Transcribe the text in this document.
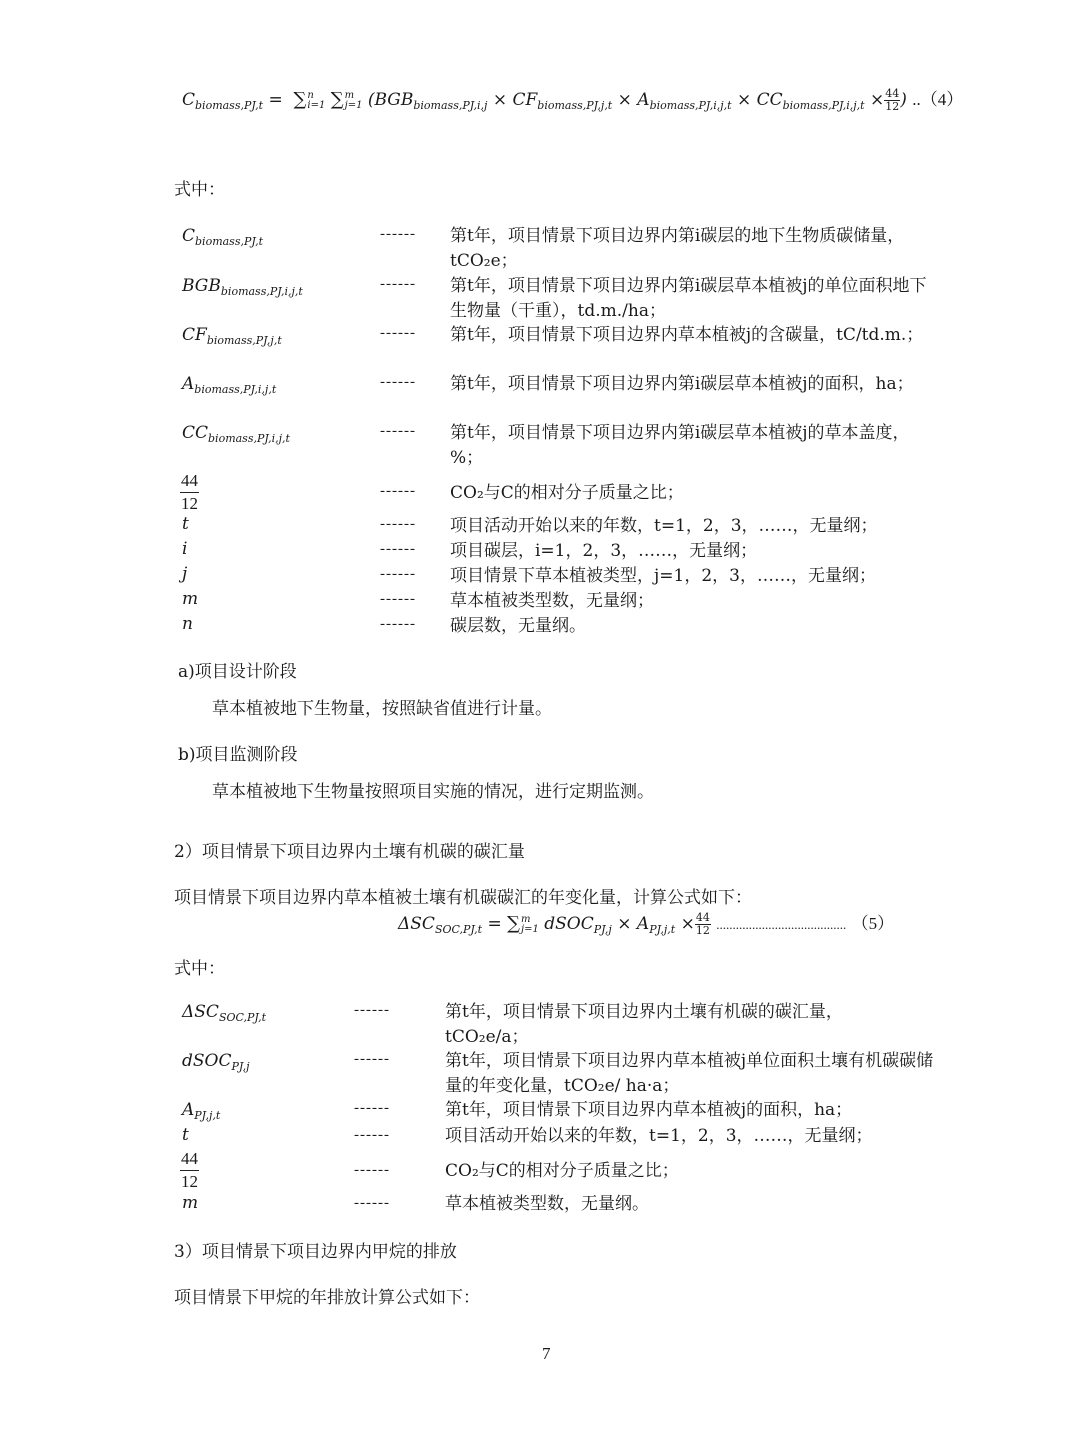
$C_{biomass,PJ,t}$ =  ∑ n
i=1 ∑ m
j=1 ($BGB_{biomass,PJ,i,j} \times CF_{biomass,PJ,j,t} \times A_{biomass,PJ,i,j,t} \times CC_{biomass,PJ,i,j,t} \times \frac{44}{12}$ ) ..（4）
式中：
$C_{biomass,PJ,t}$	------ 第t年，项目情景下项目边界内第i碳层的地下生物质碳储量，tCO₂e；
$BGB_{biomass,PJ,i,j,t}$	------ 第t年，项目情景下项目边界内第i碳层草本植被j的单位面积地下生物量（干重），td.m./ha；
$CF_{biomass,PJ,j,t}$	------ 第t年，项目情景下项目边界内草本植被j的含碳量，tC/td.m.；
$A_{biomass,PJ,i,j,t}$	------ 第t年，项目情景下项目边界内第i碳层草本植被j的面积，ha；
$CC_{biomass,PJ,i,j,t}$	------ 第t年，项目情景下项目边界内第i碳层草本植被j的草本盖度，%；
$\frac{44}{12}$	------ CO₂与C的相对分子质量之比；
t	------ 项目活动开始以来的年数，t=1，2，3，……，无量纲；
i	------ 项目碳层，i=1，2，3，……，无量纲；
j	------ 项目情景下草本植被类型，j=1，2，3，……，无量纲；
m	------ 草本植被类型数，无量纲；
n	------ 碳层数，无量纲。
a)项目设计阶段
草本植被地下生物量，按照缺省值进行计量。
b)项目监测阶段
草本植被地下生物量按照项目实施的情况，进行定期监测。
2）项目情景下项目边界内土壤有机碳的碳汇量
项目情景下项目边界内草本植被土壤有机碳碳汇的年变化量，计算公式如下：
$\Delta SC_{SOC,PJ,t}$ = ∑ m
j=1 dSOC$_{PJ,j}$ × $A_{PJ,j,t} \times \frac{44}{12}$ ........................................ （5）
式中：
$\Delta SC_{SOC,PJ,t}$	------	第t年，项目情景下项目边界内土壤有机碳的碳汇量，tCO₂e/a；
dSOC$_{PJ,j}$	------	第t年，项目情景下项目边界内草本植被j单位面积土壤有机碳碳储量的年变化量，tCO₂e/ ha·a；
$A_{PJ,j,t}$	------	第t年，项目情景下项目边界内草本植被j的面积，ha；
t	------	项目活动开始以来的年数，t=1，2，3，……，无量纲；
$\frac{44}{12}$	------	CO₂与C的相对分子质量之比；
m	------	草本植被类型数，无量纲。
3）项目情景下项目边界内甲烷的排放
项目情景下甲烷的年排放计算公式如下：
7
